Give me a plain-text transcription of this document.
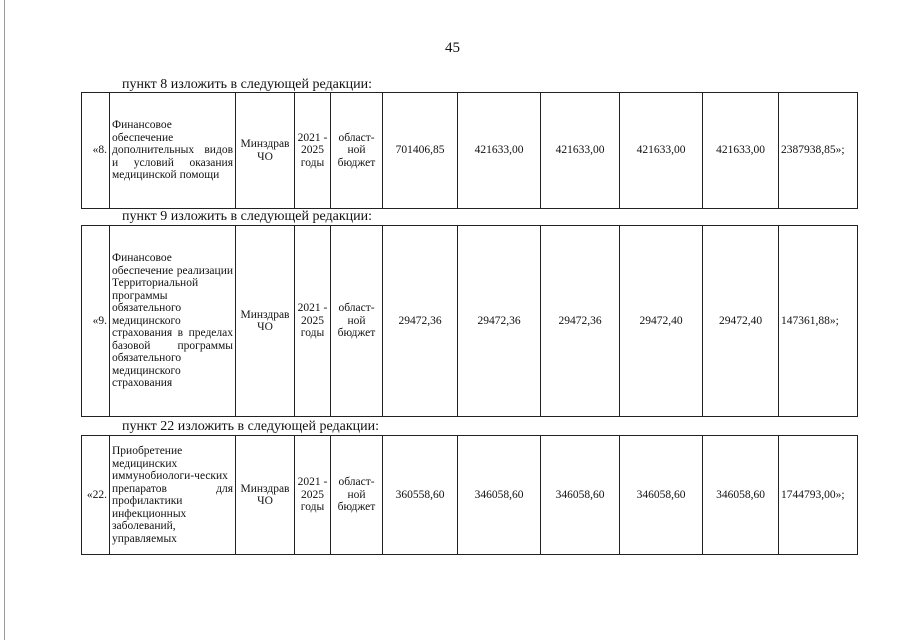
45
пункт 8 изложить в следующей редакции:
«8.	Финансовое обеспечение дополнительных видов и условий оказания медицинской помощи	Минздрав ЧО	2021 - 2025 годы	област-ной бюджет	701406,85	421633,00	421633,00	421633,00	421633,00	2387938,85»;
пункт 9 изложить в следующей редакции:
«9.	Финансовое обеспечение реализации Территориальной программы обязательного медицинского страхования в пределах базовой программы обязательного медицинского страхования	Минздрав ЧО	2021 - 2025 годы	област-ной бюджет	29472,36	29472,36	29472,36	29472,40	29472,40	147361,88»;
пункт 22 изложить в следующей редакции:
«22.	Приобретение медицинских иммунобиологи-ческих препаратов для профилактики инфекционных заболеваний, управляемых	Минздрав ЧО	2021 - 2025 годы	област-ной бюджет	360558,60	346058,60	346058,60	346058,60	346058,60	1744793,00»;
